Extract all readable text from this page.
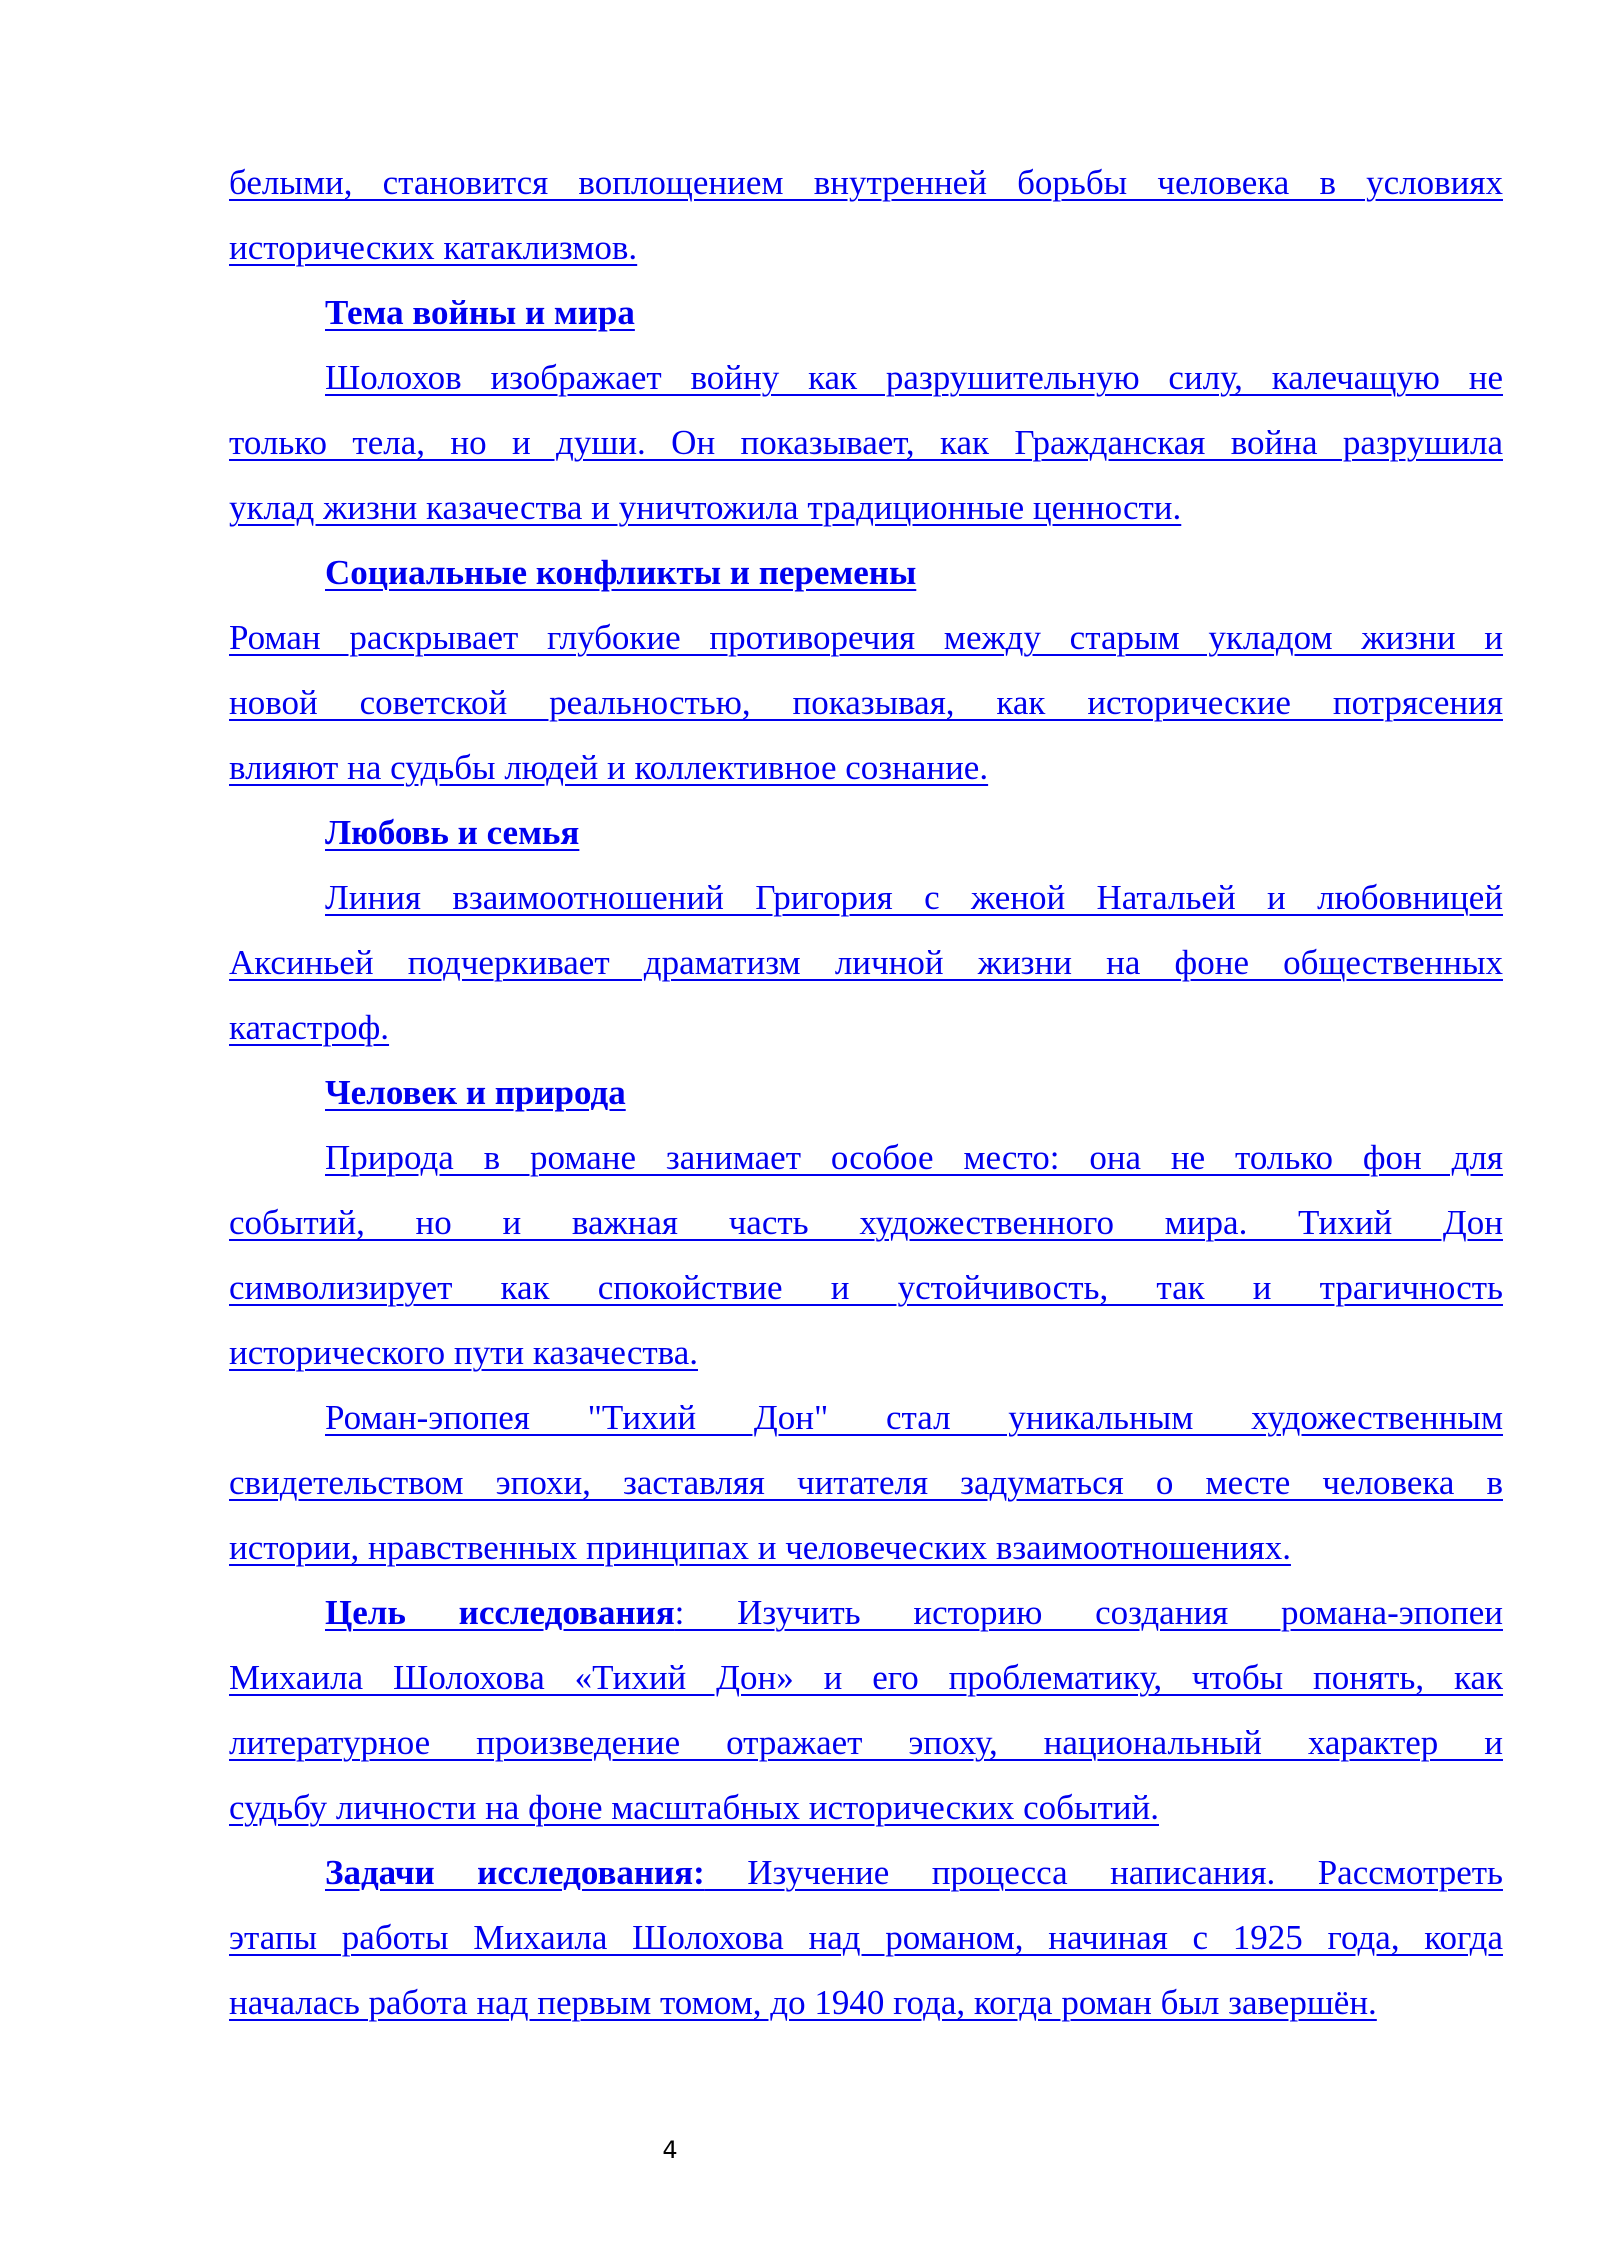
белыми, становится воплощением внутренней борьбы человека в условиях
исторических катаклизмов.
Тема войны и мира
Шолохов изображает войну как разрушительную силу, калечащую не
только тела, но и души. Он показывает, как Гражданская война разрушила
уклад жизни казачества и уничтожила традиционные ценности.
Социальные конфликты и перемены
Роман раскрывает глубокие противоречия между старым укладом жизни и
новой советской реальностью, показывая, как исторические потрясения
влияют на судьбы людей и коллективное сознание.
Любовь и семья
Линия взаимоотношений Григория с женой Натальей и любовницей
Аксиньей подчеркивает драматизм личной жизни на фоне общественных
катастроф.
Человек и природа
Природа в романе занимает особое место: она не только фон для
событий, но и важная часть художественного мира. Тихий Дон
символизирует как спокойствие и устойчивость, так и трагичность
исторического пути казачества.
Роман-эпопея "Тихий Дон" стал уникальным художественным
свидетельством эпохи, заставляя читателя задуматься о месте человека в
истории, нравственных принципах и человеческих взаимоотношениях.
Цель исследования: Изучить историю создания романа-эпопеи
Михаила Шолохова «Тихий Дон» и его проблематику, чтобы понять, как
литературное произведение отражает эпоху, национальный характер и
судьбу личности на фоне масштабных исторических событий.
Задачи исследования: Изучение процесса написания. Рассмотреть
этапы работы Михаила Шолохова над романом, начиная с 1925 года, когда
началась работа над первым томом, до 1940 года, когда роман был завершён.
4
